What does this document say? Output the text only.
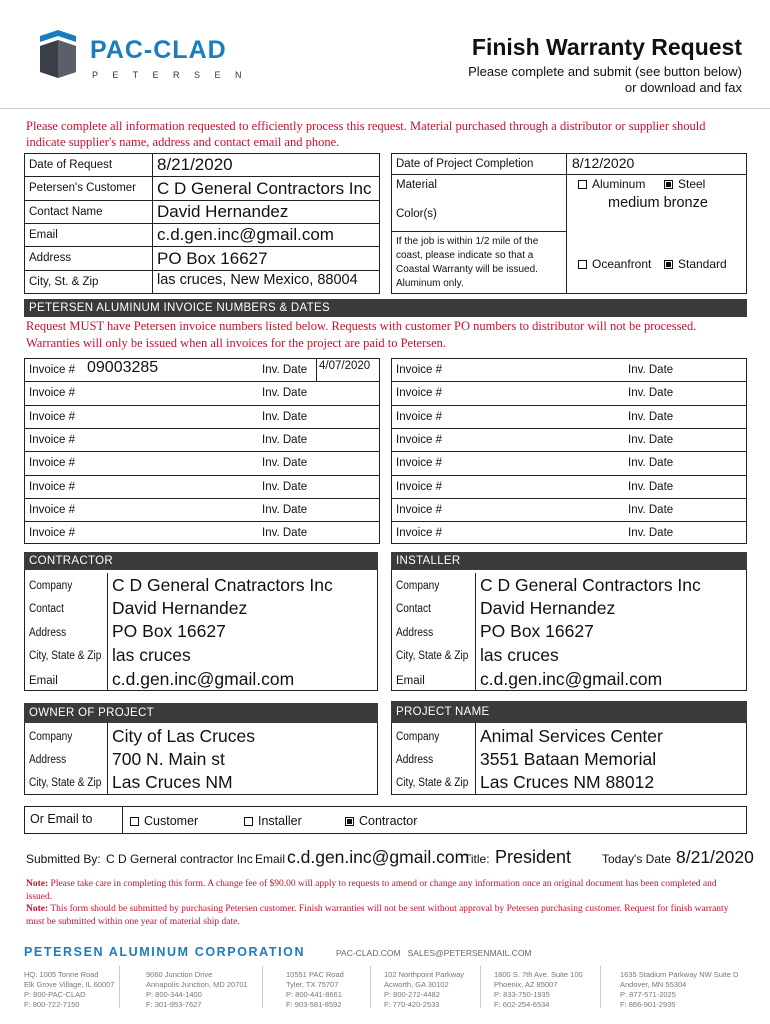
PAC-CLAD
P E T E R S E N
Finish Warranty Request
Please complete and submit (see button below)
or download and fax
Please complete all information requested to efficiently process this request. Material purchased through a distributor or supplier should indicate supplier's name, address and contact email and phone.
Date of Request	8/21/2020
Petersen's Customer C D General Contractors Inc
Contact Name	David Hernandez
Email	c.d.gen.inc@gmail.com
Address	PO Box 16627
City, St. & Zip	las cruces, New Mexico, 88004
Date of Project Completion	8/12/2020
Material	Aluminum	Steel
Color(s)
medium bronze
If the job is within 1/2 mile of the coast, please indicate so that a Coastal Warranty will be issued. Aluminum only.
Oceanfront	Standard
PETERSEN ALUMINUM INVOICE NUMBERS & DATES
Request MUST have Petersen invoice numbers listed below. Requests with customer PO numbers to distributor will not be processed. Warranties will only be issued when all invoices for the project are paid to Petersen.
Invoice # 09003285	Inv. Date 4/07/2020
Invoice #	Inv. Date
Invoice #	Inv. Date
Invoice #	Inv. Date
Invoice #	Inv. Date
Invoice #	Inv. Date
Invoice #	Inv. Date
Invoice #	Inv. Date
Invoice #	Inv. Date
Invoice #	Inv. Date
Invoice #	Inv. Date
Invoice #	Inv. Date
Invoice #	Inv. Date
Invoice #	Inv. Date
Invoice #	Inv. Date
Invoice #	Inv. Date
CONTRACTOR
Company C D General Cnatractors Inc
Contact	David Hernandez
Address	PO Box 16627
City, State & Zip las cruces
Email	c.d.gen.inc@gmail.com
INSTALLER
Company C D General Contractors Inc
Contact	David Hernandez
Address	PO Box 16627
City, State & Zip las cruces
Email	c.d.gen.inc@gmail.com
OWNER OF PROJECT
Company City of Las Cruces
Address	700 N. Main st
City, State & Zip Las Cruces NM
PROJECT NAME
Company Animal Services Center
Address	3551 Bataan Memorial
City, State & Zip Las Cruces NM 88012
Or Email to	Customer	Installer	Contractor
Submitted By: C D Gerneral contractor Inc Email c.d.gen.inc@gmail.com
Title: President	Today's Date 8/21/2020
Note: Please take care in completing this form. A change fee of $90.00 will apply to requests to amend or change any information once an original document has been completed and issued.
Note: This form should be submitted by purchasing Petersen customer. Finish warranties will not be sent without approval by Petersen purchasing customer. Request for finish warranty must be submitted within one year of material ship date.
PETERSEN ALUMINUM CORPORATION	PAC-CLAD.COM   SALES@PETERSENMAIL.COM
HQ: 1005 Tonne Road
Elk Grove Village, IL 60007
P: 800-PAC-CLAD
F: 800-722-7150
9060 Junction Drive
Annapolis Junction, MD 20701
P: 800-344-1400
F: 301-953-7627
10551 PAC Road
Tyler, TX 75707
P: 800-441-8661
F: 903-581-8592
102 Northpoint Parkway
Acworth, GA 30102
P: 800-272-4482
F: 770-420-2533
1800 S. 7th Ave. Suite 100
Phoenix, AZ 85007
P: 833-750-1935
F: 602-254-6534
1635 Stadium Parkway NW Suite D
Andover, MN 55304
P: 877-571-2025
F: 866-901-2935
